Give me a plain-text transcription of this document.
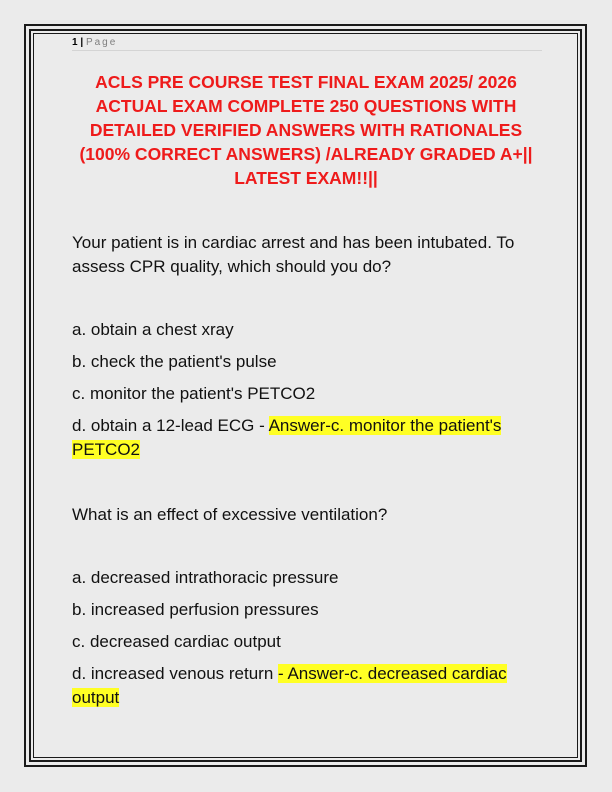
1 | Page
ACLS PRE COURSE TEST FINAL EXAM 2025/ 2026 ACTUAL EXAM COMPLETE 250 QUESTIONS WITH DETAILED VERIFIED ANSWERS WITH RATIONALES (100% CORRECT ANSWERS) /ALREADY GRADED A+|| LATEST EXAM!!||
Your patient is in cardiac arrest and has been intubated. To assess CPR quality, which should you do?
a. obtain a chest xray
b. check the patient's pulse
c. monitor the patient's PETCO2
d. obtain a 12-lead ECG - Answer-c. monitor the patient's PETCO2
What is an effect of excessive ventilation?
a. decreased intrathoracic pressure
b. increased perfusion pressures
c. decreased cardiac output
d. increased venous return - Answer-c. decreased cardiac output
